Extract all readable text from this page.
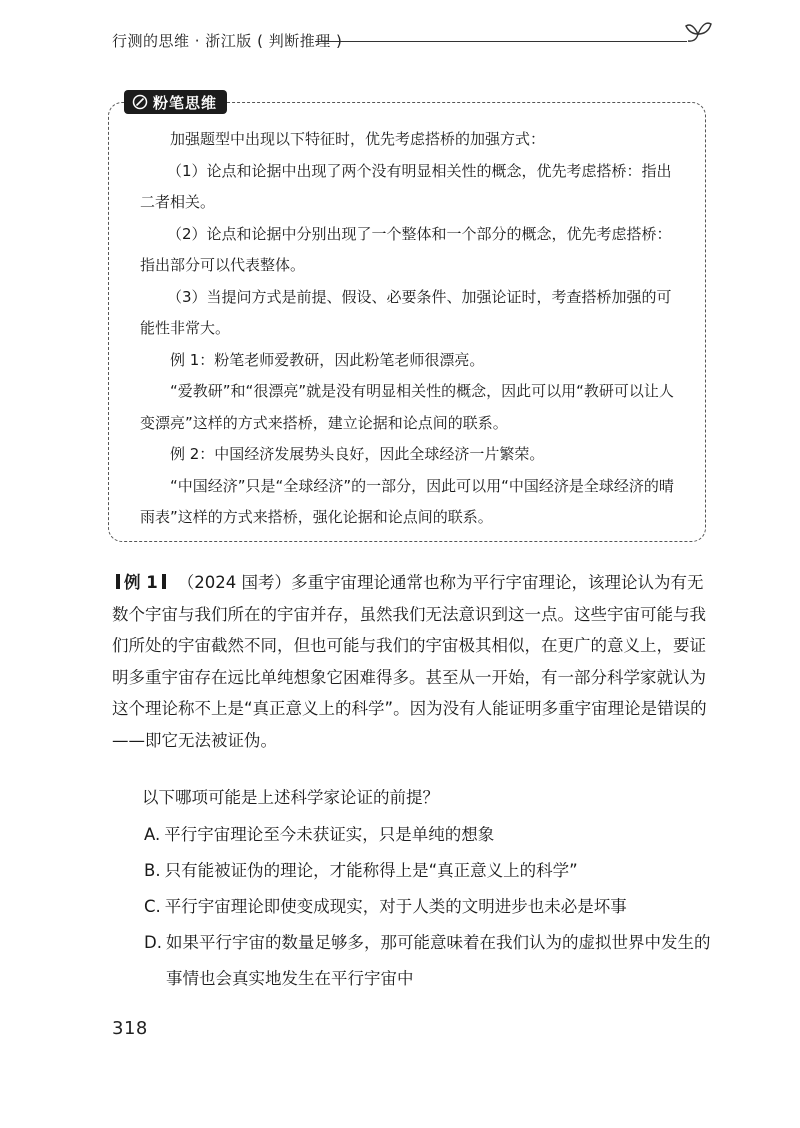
行测的思维 · 浙江版 ( 判断推理 )
粉笔思维

加强题型中出现以下特征时，优先考虑搭桥的加强方式：

（1）论点和论据中出现了两个没有明显相关性的概念，优先考虑搭桥：指出二者相关。

（2）论点和论据中分别出现了一个整体和一个部分的概念，优先考虑搭桥：指出部分可以代表整体。

（3）当提问方式是前提、假设、必要条件、加强论证时，考查搭桥加强的可能性非常大。

例 1：粉笔老师爱教研，因此粉笔老师很漂亮。

“爱教研”和“很漂亮”就是没有明显相关性的概念，因此可以用“教研可以让人变漂亮”这样的方式来搭桥，建立论据和论点间的联系。

例 2：中国经济发展势头良好，因此全球经济一片繁荣。

“中国经济”只是“全球经济”的一部分，因此可以用“中国经济是全球经济的晴雨表”这样的方式来搭桥，强化论据和论点间的联系。

例 1 （2024 国考）多重宇宙理论通常也称为平行宇宙理论，该理论认为有无数个宇宙与我们所在的宇宙并存，虽然我们无法意识到这一点。这些宇宙可能与我们所处的宇宙截然不同，但也可能与我们的宇宙极其相似，在更广的意义上，要证明多重宇宙存在远比单纯想象它困难得多。甚至从一开始，有一部分科学家就认为这个理论称不上是“真正意义上的科学”。因为没有人能证明多重宇宙理论是错误的——即它无法被证伪。

以下哪项可能是上述科学家论证的前提？
A. 平行宇宙理论至今未获证实，只是单纯的想象
B. 只有能被证伪的理论，才能称得上是“真正意义上的科学”
C. 平行宇宙理论即使变成现实，对于人类的文明进步也未必是坏事
D. 如果平行宇宙的数量足够多，那可能意味着在我们认为的虚拟世界中发生的事情也会真实地发生在平行宇宙中
318
